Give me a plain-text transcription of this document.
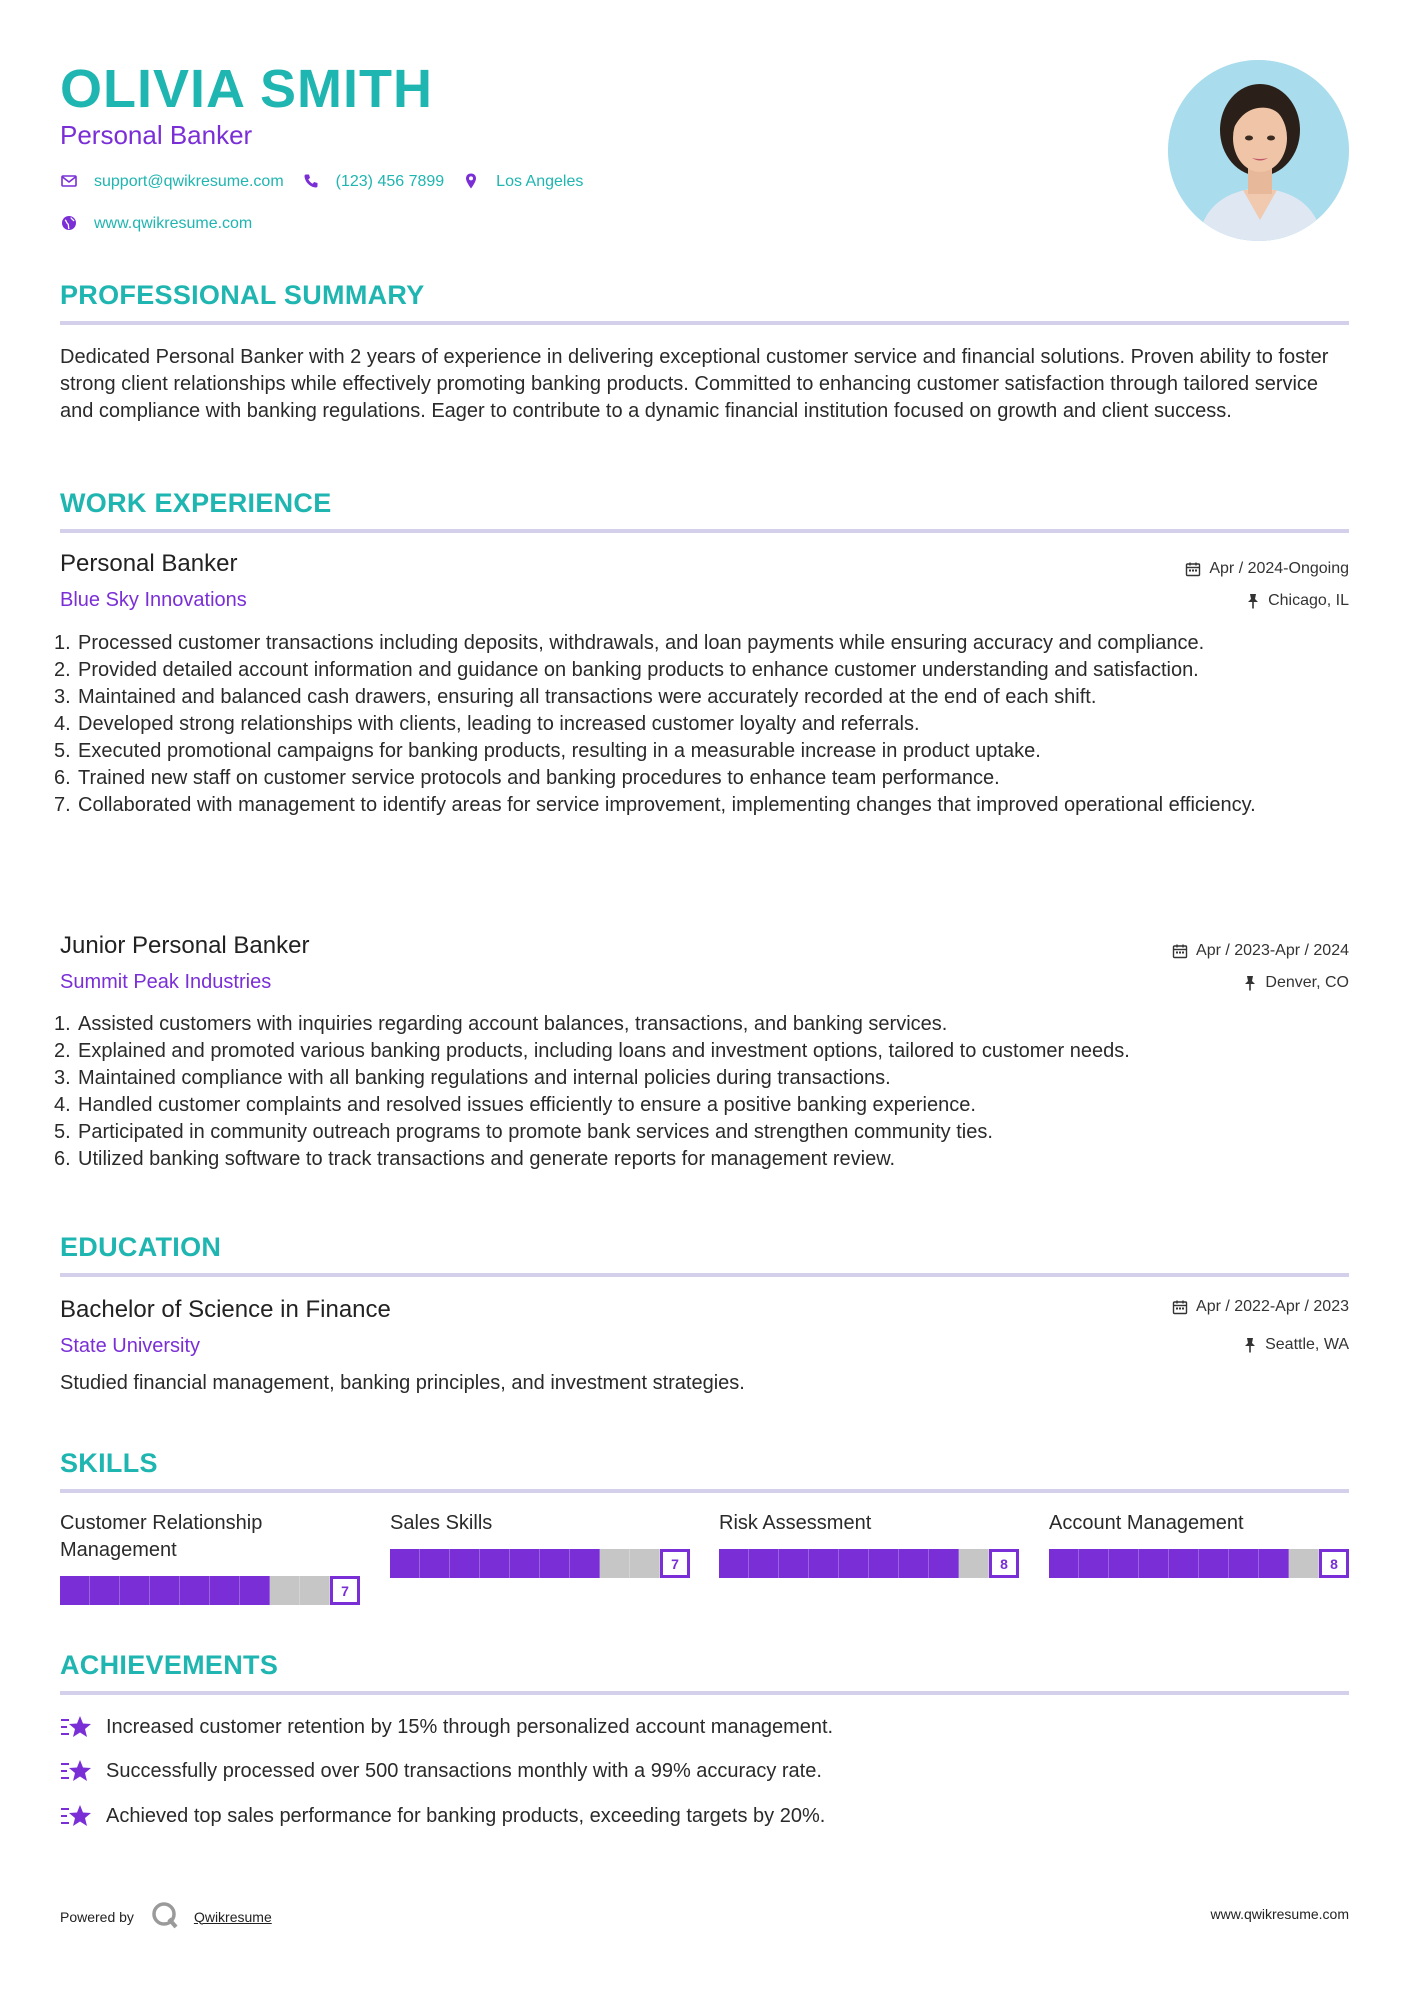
OLIVIA SMITH
Personal Banker
support@qwikresume.com	(123) 456 7899	Los Angeles
www.qwikresume.com
PROFESSIONAL SUMMARY
Dedicated Personal Banker with 2 years of experience in delivering exceptional customer service and financial solutions. Proven ability to foster strong client relationships while effectively promoting banking products. Committed to enhancing customer satisfaction through tailored service and compliance with banking regulations. Eager to contribute to a dynamic financial institution focused on growth and client success.
WORK EXPERIENCE
Personal Banker	Apr / 2024-Ongoing
Blue Sky Innovations	Chicago, IL
1. Processed customer transactions including deposits, withdrawals, and loan payments while ensuring accuracy and compliance.
2. Provided detailed account information and guidance on banking products to enhance customer understanding and satisfaction.
3. Maintained and balanced cash drawers, ensuring all transactions were accurately recorded at the end of each shift.
4. Developed strong relationships with clients, leading to increased customer loyalty and referrals.
5. Executed promotional campaigns for banking products, resulting in a measurable increase in product uptake.
6. Trained new staff on customer service protocols and banking procedures to enhance team performance.
7. Collaborated with management to identify areas for service improvement, implementing changes that improved operational efficiency.
Junior Personal Banker	Apr / 2023-Apr / 2024
Summit Peak Industries	Denver, CO
1. Assisted customers with inquiries regarding account balances, transactions, and banking services.
2. Explained and promoted various banking products, including loans and investment options, tailored to customer needs.
3. Maintained compliance with all banking regulations and internal policies during transactions.
4. Handled customer complaints and resolved issues efficiently to ensure a positive banking experience.
5. Participated in community outreach programs to promote bank services and strengthen community ties.
6. Utilized banking software to track transactions and generate reports for management review.
EDUCATION
Bachelor of Science in Finance	Apr / 2022-Apr / 2023
State University	Seattle, WA
Studied financial management, banking principles, and investment strategies.
SKILLS
Customer Relationship Management
7
Sales Skills
7
Risk Assessment
8
Account Management
8
ACHIEVEMENTS
Increased customer retention by 15% through personalized account management.
Successfully processed over 500 transactions monthly with a 99% accuracy rate.
Achieved top sales performance for banking products, exceeding targets by 20%.
Powered by	Qwikresume	www.qwikresume.com
